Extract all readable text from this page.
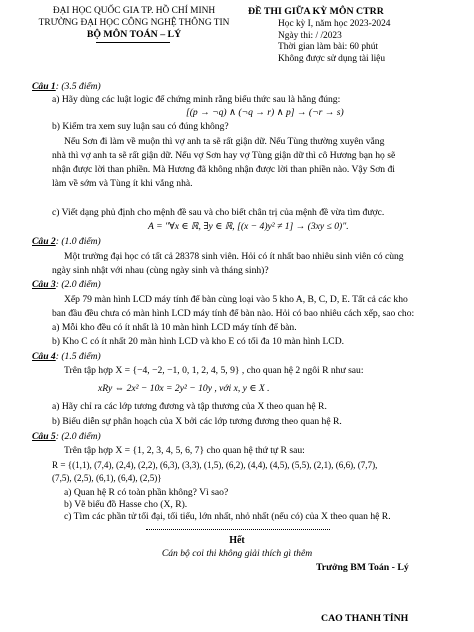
ĐẠI HỌC QUỐC GIA TP. HỒ CHÍ MINH
TRƯỜNG ĐẠI HỌC CÔNG NGHỆ THÔNG TIN
BỘ MÔN TOÁN – LÝ
ĐỀ THI GIỮA KỲ MÔN CTRR
Học kỳ I, năm học 2023-2024
Ngày thi: / /2023
Thời gian làm bài: 60 phút
Không được sử dụng tài liệu
Câu 1: (3.5 điểm)
a) Hãy dùng các luật logic để chứng minh rằng biểu thức sau là hằng đúng:
[(p → ¬q) ∧ (¬q → r) ∧ p] → (¬r → s)
b) Kiểm tra xem suy luận sau có đúng không?
Nếu Sơn đi làm về muộn thì vợ anh ta sẽ rất giận dữ. Nếu Tùng thường xuyên vắng
nhà thì vợ anh ta sẽ rất giận dữ. Nếu vợ Sơn hay vợ Tùng giận dữ thì cô Hương bạn họ sẽ
nhận được lời than phiền. Mà Hương đã không nhận được lời than phiền nào. Vậy Sơn đi
làm về sớm và Tùng ít khi vắng nhà.
c) Viết dạng phủ định cho mệnh đề sau và cho biết chân trị của mệnh đề vừa tìm được.
A = "∀x ∈ ℝ, ∃y ∈ ℝ, [(x − 4)y² ≠ 1] → (3xy ≤ 0)".
Câu 2: (1.0 điểm)
Một trường đại học có tất cả 28378 sinh viên. Hỏi có ít nhất bao nhiêu sinh viên có cùng
ngày sinh nhật với nhau (cùng ngày sinh và tháng sinh)?
Câu 3: (2.0 điểm)
Xếp 79 màn hình LCD máy tính để bàn cùng loại vào 5 kho A, B, C, D, E. Tất cả các kho
ban đầu đều chưa có màn hình LCD máy tính để bàn nào. Hỏi có bao nhiêu cách xếp, sao cho:
a) Mỗi kho đều có ít nhất là 10 màn hình LCD máy tính để bàn.
b) Kho C có ít nhất 20 màn hình LCD và kho E có tối đa 10 màn hình LCD.
Câu 4: (1.5 điểm)
Trên tập hợp X = {−4, −2, −1, 0, 1, 2, 4, 5, 9} , cho quan hệ 2 ngôi R như sau:
xRy ⇔ 2x² − 10x = 2y² − 10y , với x, y ∈ X .
a) Hãy chỉ ra các lớp tương đương và tập thương của X theo quan hệ R.
b) Biểu diễn sự phân hoạch của X bởi các lớp tương đương theo quan hệ R.
Câu 5: (2.0 điểm)
Trên tập hợp X = {1, 2, 3, 4, 5, 6, 7} cho quan hệ thứ tự R sau:
R = {(1,1), (7,4), (2,4), (2,2), (6,3), (3,3), (1,5), (6,2), (4,4), (4,5), (5,5), (2,1), (6,6), (7,7),
(7,5), (2,5), (6,1), (6,4), (2,5)}
a) Quan hệ R có toàn phần không? Vì sao?
b) Vẽ biểu đồ Hasse cho (X, R).
c) Tìm các phần tử tối đại, tối tiểu, lớn nhất, nhỏ nhất (nếu có) của X theo quan hệ R.
Hết
Cán bộ coi thi không giải thích gì thêm
Trưởng BM Toán - Lý
CAO THANH TỈNH
